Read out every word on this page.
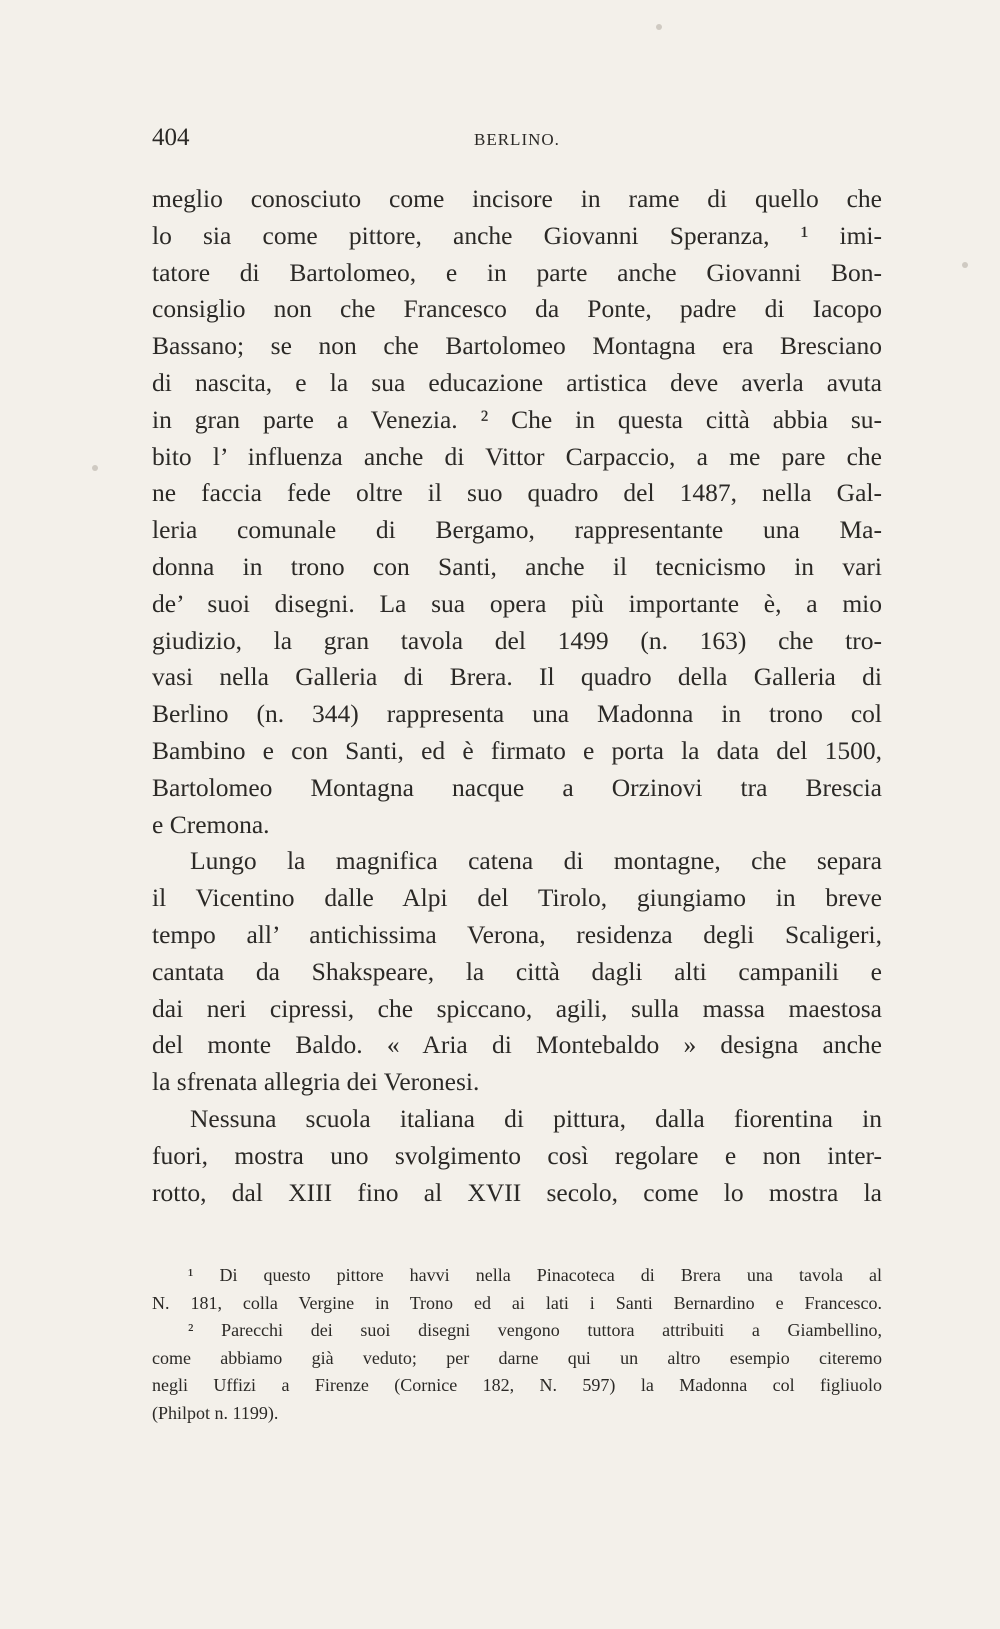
404	BERLINO.
meglio conosciuto come incisore in rame di quello che
lo sia come pittore, anche Giovanni Speranza, ¹ imi-
tatore di Bartolomeo, e in parte anche Giovanni Bon-
consiglio non che Francesco da Ponte, padre di Iacopo
Bassano; se non che Bartolomeo Montagna era Bresciano
di nascita, e la sua educazione artistica deve averla avuta
in gran parte a Venezia. ² Che in questa città abbia su-
bito l’ influenza anche di Vittor Carpaccio, a me pare che
ne faccia fede oltre il suo quadro del 1487, nella Gal-
leria comunale di Bergamo, rappresentante una Ma-
donna in trono con Santi, anche il tecnicismo in vari
de’ suoi disegni. La sua opera più importante è, a mio
giudizio, la gran tavola del 1499 (n. 163) che tro-
vasi nella Galleria di Brera. Il quadro della Galleria di
Berlino (n. 344) rappresenta una Madonna in trono col
Bambino e con Santi, ed è firmato e porta la data del 1500,
Bartolomeo Montagna nacque a Orzinovi tra Brescia
e Cremona.
Lungo la magnifica catena di montagne, che separa
il Vicentino dalle Alpi del Tirolo, giungiamo in breve
tempo all’ antichissima Verona, residenza degli Scaligeri,
cantata da Shakspeare, la città dagli alti campanili e
dai neri cipressi, che spiccano, agili, sulla massa maestosa
del monte Baldo. « Aria di Montebaldo » designa anche
la sfrenata allegria dei Veronesi.
Nessuna scuola italiana di pittura, dalla fiorentina in
fuori, mostra uno svolgimento così regolare e non inter-
rotto, dal XIII fino al XVII secolo, come lo mostra la
¹ Di questo pittore havvi nella Pinacoteca di Brera una tavola al
N. 181, colla Vergine in Trono ed ai lati i Santi Bernardino e Francesco.
² Parecchi dei suoi disegni vengono tuttora attribuiti a Giambellino,
come abbiamo già veduto; per darne qui un altro esempio citeremo
negli Uffizi a Firenze (Cornice 182, N. 597) la Madonna col figliuolo
(Philpot n. 1199).
